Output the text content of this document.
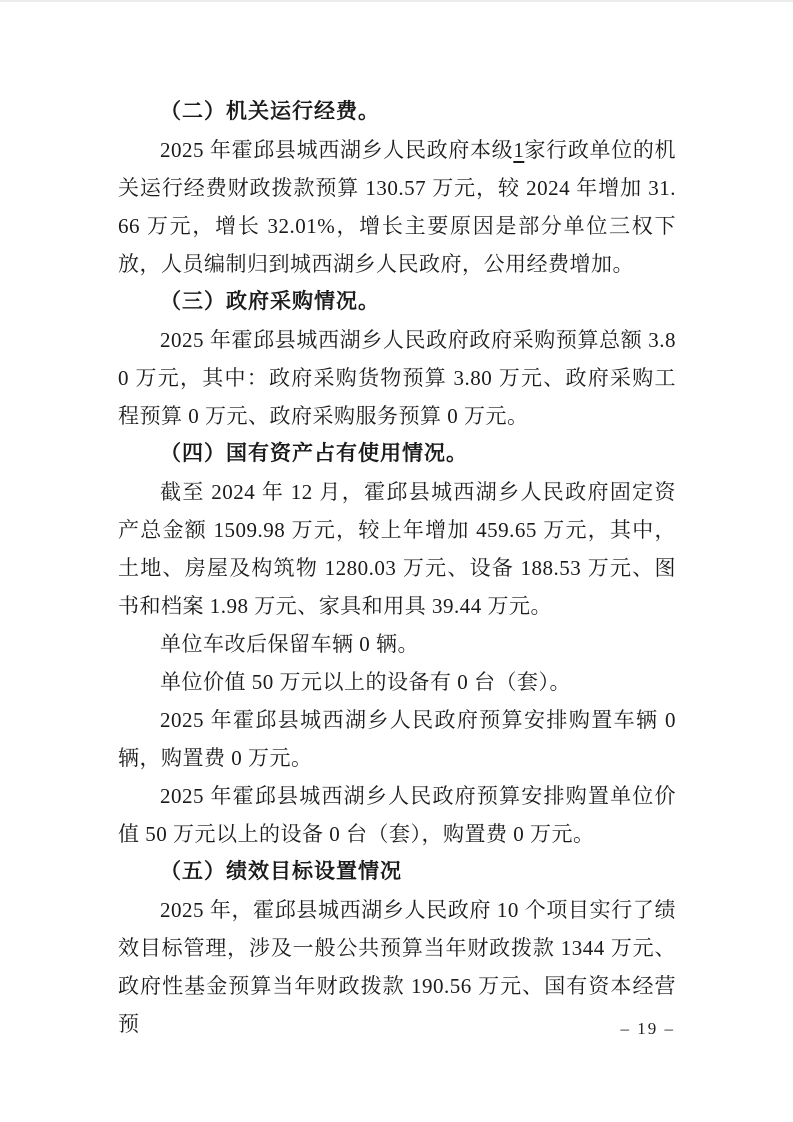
（二）机关运行经费。

2025 年霍邱县城西湖乡人民政府本级1家行政单位的机关运行经费财政拨款预算 130.57 万元，较 2024 年增加 31.66 万元，增长 32.01%，增长主要原因是部分单位三权下放，人员编制归到城西湖乡人民政府，公用经费增加。

（三）政府采购情况。

2025 年霍邱县城西湖乡人民政府政府采购预算总额 3.80 万元，其中：政府采购货物预算 3.80 万元、政府采购工程预算 0 万元、政府采购服务预算 0 万元。

（四）国有资产占有使用情况。

截至 2024 年 12 月，霍邱县城西湖乡人民政府固定资产总金额 1509.98 万元，较上年增加 459.65 万元，其中，土地、房屋及构筑物 1280.03 万元、设备 188.53 万元、图书和档案 1.98 万元、家具和用具 39.44 万元。

单位车改后保留车辆 0 辆。

单位价值 50 万元以上的设备有 0 台（套）。

2025 年霍邱县城西湖乡人民政府预算安排购置车辆 0 辆，购置费 0 万元。

2025 年霍邱县城西湖乡人民政府预算安排购置单位价值 50 万元以上的设备 0 台（套），购置费 0 万元。

（五）绩效目标设置情况

2025 年，霍邱县城西湖乡人民政府 10 个项目实行了绩效目标管理，涉及一般公共预算当年财政拨款 1344 万元、政府性基金预算当年财政拨款 190.56 万元、国有资本经营预	– 19 –
